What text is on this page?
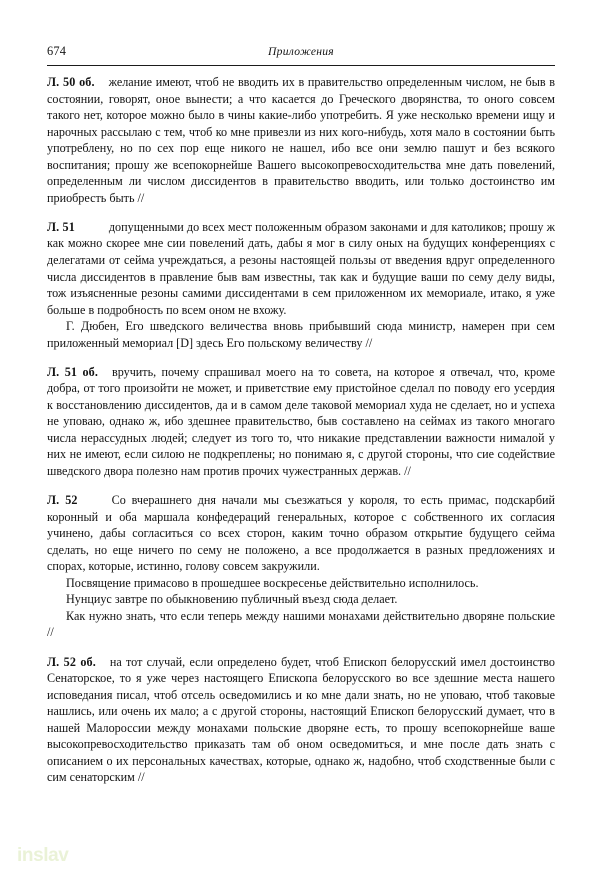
674	Приложения

Л. 50 об. желание имеют, чтоб не вводить их в правительство определенным числом, не быв в состоянии, говорят, оное вынести; а что касается до Греческого дворянства, то оного совсем такого нет, которое можно было в чины какие-либо употребить. Я уже несколько времени ищу и нарочных рассылаю с тем, чтоб ко мне привезли из них кого-нибудь, хотя мало в состоянии быть употреблену, но по сех пор еще никого не нашел, ибо все они землю пашут и без всякого воспитания; прошу же всепокорнейше Вашего высокопревосходительства мне дать повелений, определенным ли числом диссидентов в правительство вводить, или только достоинство им приобресть быть //

Л. 51	допущенными до всех мест положенным образом законами и для католиков; прошу ж как можно скорее мне сии повелений дать, дабы я мог в силу оных на будущих конференциях с делегатами от сейма учреждаться, а резоны настоящей пользы от введения вдруг определенного числа диссидентов в правление быв вам известны, так как и будущие ваши по сему делу виды, тож изъясненные резоны самими диссидентами в сем приложенном их мемориале, итако, я уже больше в подробность по всем оном не вхожу.

Г. Дюбен, Его шведского величества вновь прибывший сюда министр, намерен при сем приложенный мемориал [D] здесь Его польскому величеству //

Л. 51 об. вручить, почему спрашивал моего на то совета, на которое я отвечал, что, кроме добра, от того произойти не может, и приветствие ему пристойное сделал по поводу его усердия к восстановлению диссидентов, да и в самом деле таковой мемориал худа не сделает, но и успеха не уповаю, однако ж, ибо здешнее правительство, быв составлено на сеймах из такого многаго числа нерассудных людей; следует из того то, что никакие представлении важности нималой у них не имеют, если силою не подкреплены; но понимаю я, с другой стороны, что сие содействие шведского двора полезно нам против прочих чужестранных держав. //

Л. 52	Со вчерашнего дня начали мы съезжаться у короля, то есть примас, подскарбий коронный и оба маршала конфедераций генеральных, которое с собственного их согласия учинено, дабы согласиться со всех сторон, каким точно образом открытие будущего сейма сделать, но еще ничего по сему не положено, а все продолжается в разных предложениях и спорах, которые, истинно, голову совсем закружили.

Посвящение примасово в прошедшее воскресенье действительно исполнилось.

Нунциус завтре по обыкновению публичный въезд сюда делает.

Как нужно знать, что если теперь между нашими монахами действительно дворяне польские //

Л. 52 об. на тот случай, если определено будет, чтоб Епископ белорусский имел достоинство Сенаторское, то я уже через настоящего Епископа белорусского во все здешние места нашего исповедания писал, чтоб отсель осведомились и ко мне дали знать, но не уповаю, чтоб таковые нашлись, или очень их мало; а с другой стороны, настоящий Епископ белорусский думает, что в нашей Малороссии между монахами польские дворяне есть, то прошу всепокорнейше ваше высокопревосходительство приказать там об оном осведомиться, и мне после дать знать с описанием о их персональных качествах, которые, однако ж, надобно, чтоб сходственные были с сим сенаторским //

inslav
